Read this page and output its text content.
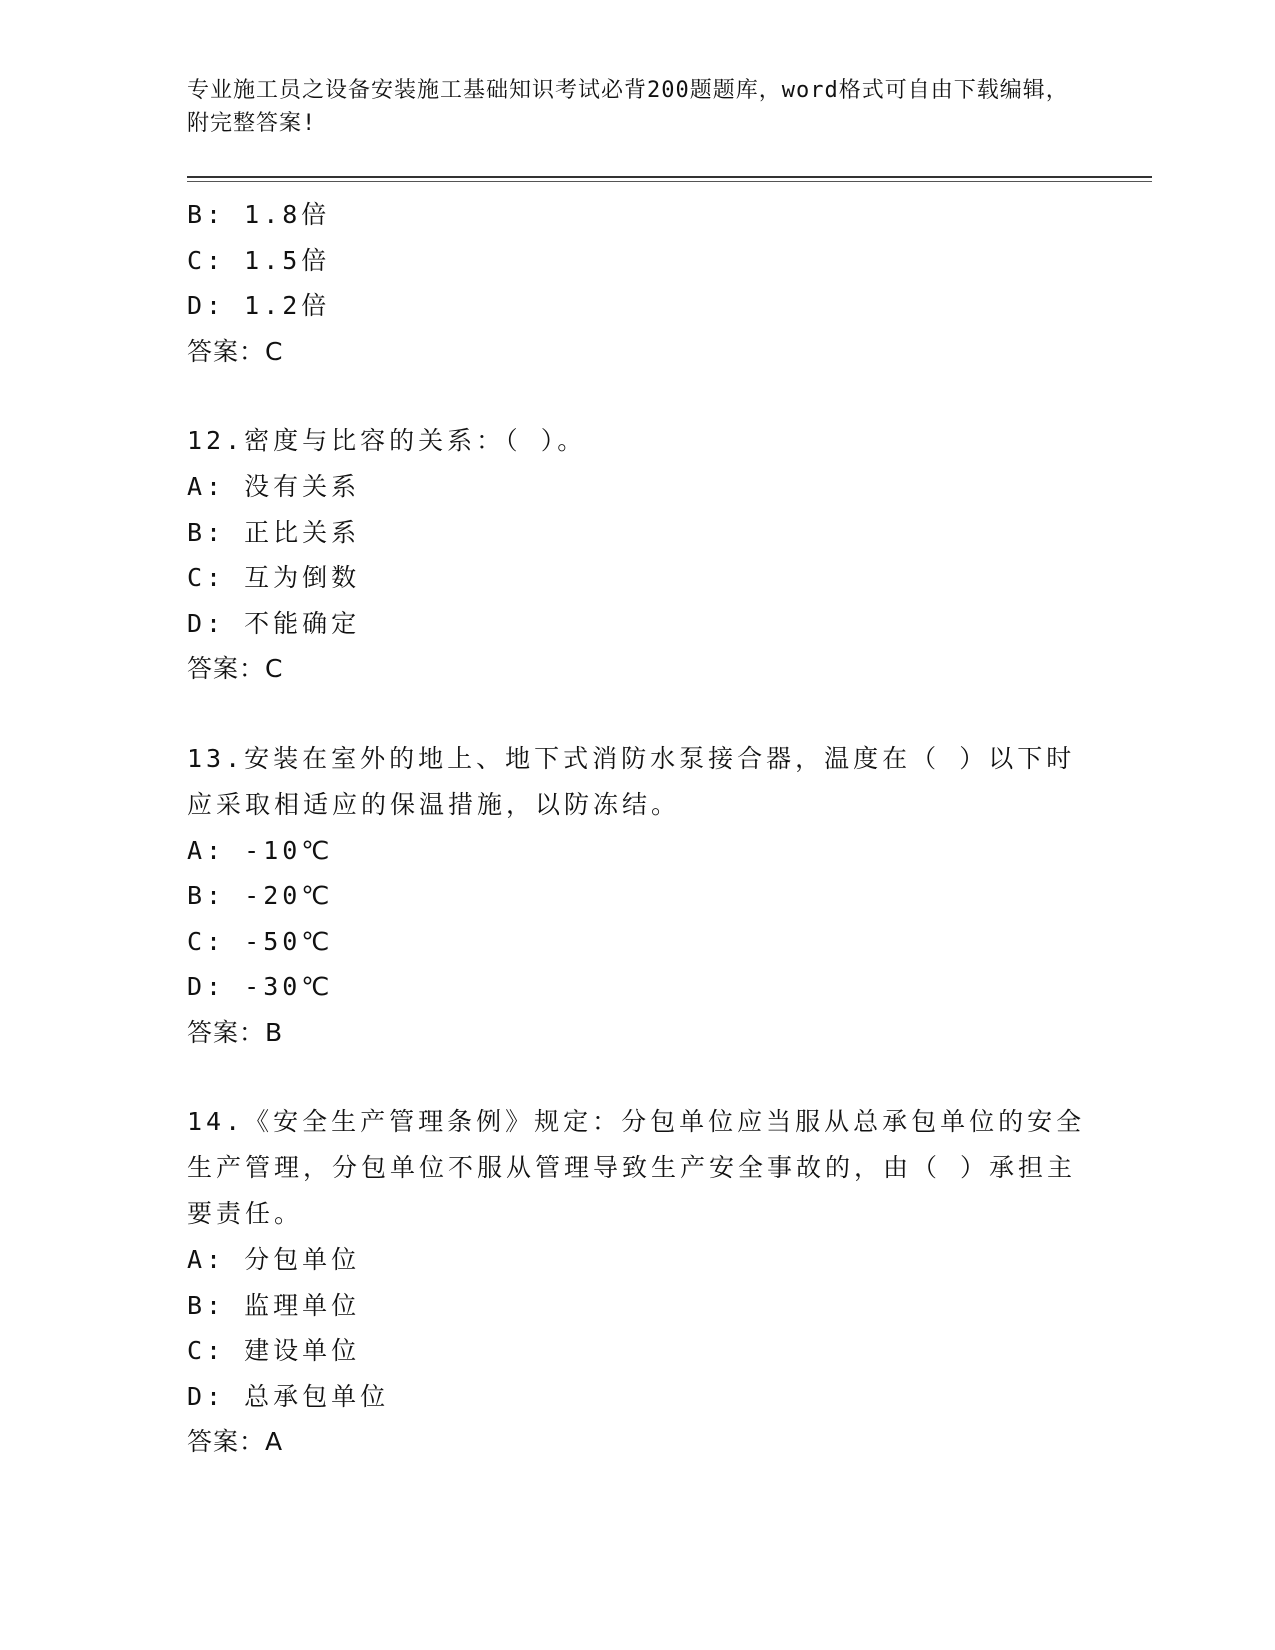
专业施工员之设备安装施工基础知识考试必背200题题库，word格式可自由下载编辑，附完整答案!
B: 1.8倍
C: 1.5倍
D: 1.2倍
答案：C
12.密度与比容的关系：（ ）。
A: 没有关系
B: 正比关系
C: 互为倒数
D: 不能确定
答案：C
13.安装在室外的地上、地下式消防水泵接合器，温度在（ ）以下时应采取相适应的保温措施，以防冻结。
A: -10℃
B: -20℃
C: -50℃
D: -30℃
答案：B
14.《安全生产管理条例》规定：分包单位应当服从总承包单位的安全生产管理，分包单位不服从管理导致生产安全事故的，由（ ）承担主要责任。
A: 分包单位
B: 监理单位
C: 建设单位
D: 总承包单位
答案：A
